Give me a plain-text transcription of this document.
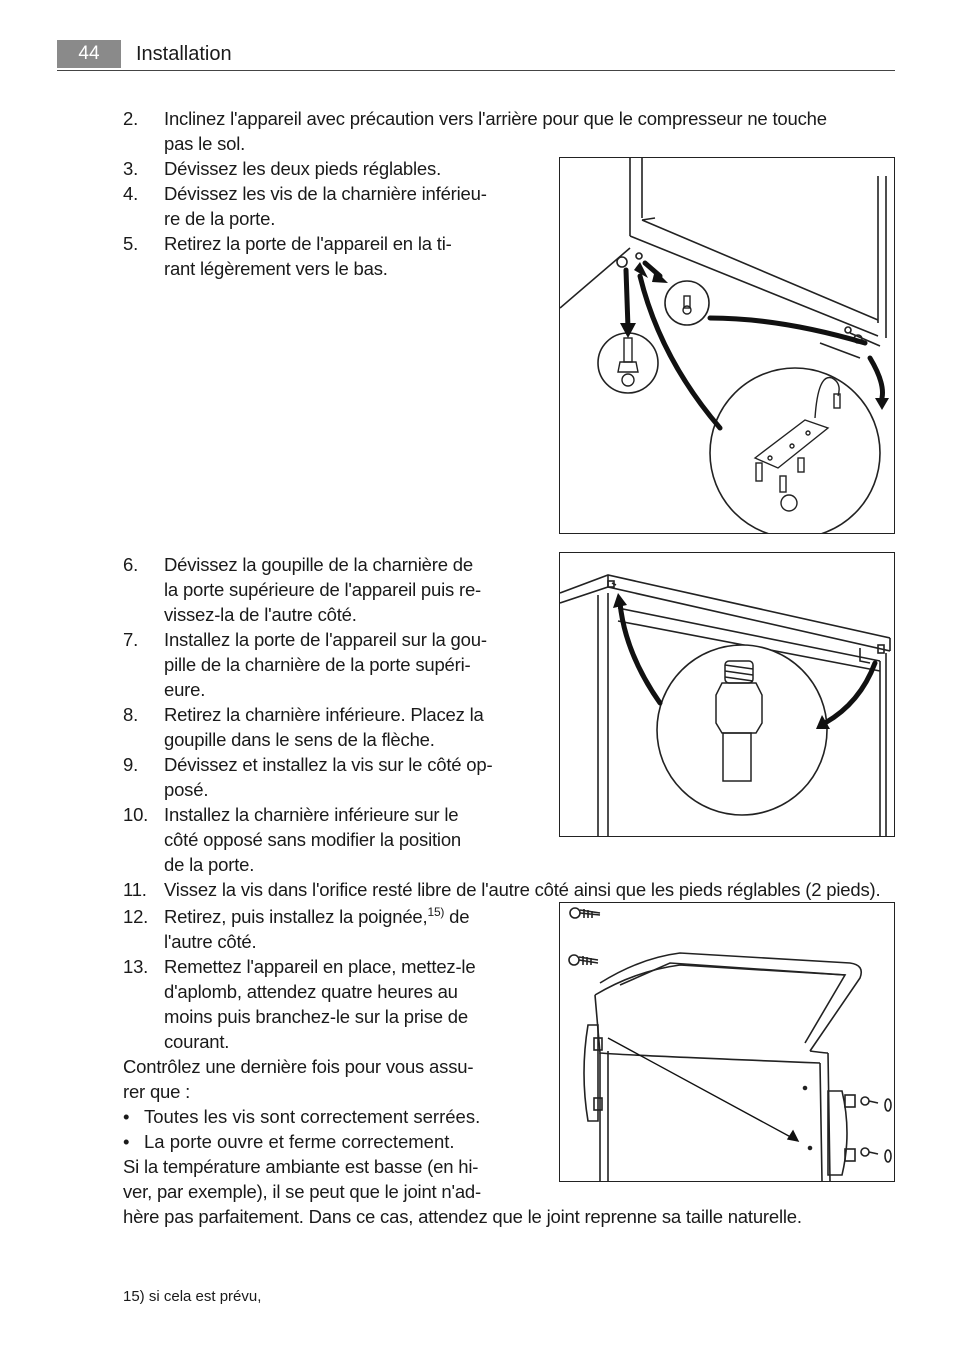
44	Installation
2. Inclinez l'appareil avec précaution vers l'arrière pour que le compresseur ne touche
pas le sol.
3. Dévissez les deux pieds réglables.
4. Dévissez les vis de la charnière inférieu-
re de la porte.
5. Retirez la porte de l'appareil en la ti-
rant légèrement vers le bas.
6. Dévissez la goupille de la charnière de
la porte supérieure de l'appareil puis re-
vissez-la de l'autre côté.
7. Installez la porte de l'appareil sur la gou-
pille de la charnière de la porte supéri-
eure.
8. Retirez la charnière inférieure. Placez la
goupille dans le sens de la flèche.
9. Dévissez et installez la vis sur le côté op-
posé.
10. Installez la charnière inférieure sur le
côté opposé sans modifier la position
de la porte.
11. Vissez la vis dans l'orifice resté libre de l'autre côté ainsi que les pieds réglables (2 pieds).
12. Retirez, puis installez la poignée,$^{15)}$ de
l'autre côté.
13. Remettez l'appareil en place, mettez-le
d'aplomb, attendez quatre heures au
moins puis branchez-le sur la prise de
courant.
Contrôlez une dernière fois pour vous assu-
rer que :
• Toutes les vis sont correctement serrées.
• La porte ouvre et ferme correctement.
Si la température ambiante est basse (en hi-
ver, par exemple), il se peut que le joint n'ad-
hère pas parfaitement. Dans ce cas, attendez que le joint reprenne sa taille naturelle.
15) si cela est prévu,
